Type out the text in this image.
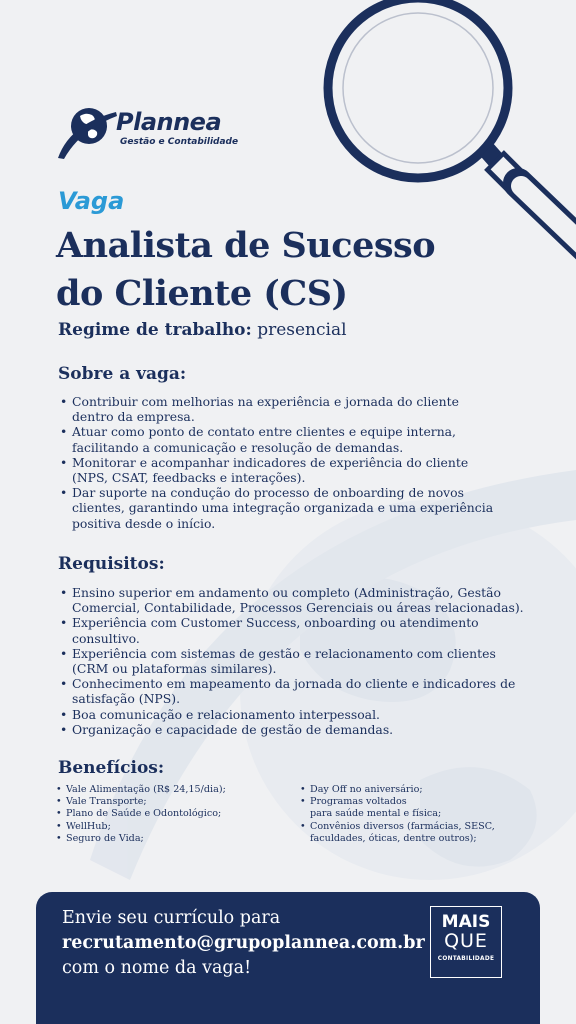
Plannea
Gestão e Contabilidade
Vaga
Analista de Sucesso
do Cliente (CS)
Regime de trabalho: presencial
Sobre a vaga:
• Contribuir com melhorias na experiência e jornada do cliente
dentro da empresa.
• Atuar como ponto de contato entre clientes e equipe interna,
facilitando a comunicação e resolução de demandas.
• Monitorar e acompanhar indicadores de experiência do cliente
(NPS, CSAT, feedbacks e interações).
• Dar suporte na condução do processo de onboarding de novos
clientes, garantindo uma integração organizada e uma experiência
positiva desde o início.
Requisitos:
• Ensino superior em andamento ou completo (Administração, Gestão
Comercial, Contabilidade, Processos Gerenciais ou áreas relacionadas).
• Experiência com Customer Success, onboarding ou atendimento
consultivo.
• Experiência com sistemas de gestão e relacionamento com clientes
(CRM ou plataformas similares).
• Conhecimento em mapeamento da jornada do cliente e indicadores de
satisfação (NPS).
• Boa comunicação e relacionamento interpessoal.
• Organização e capacidade de gestão de demandas.
Benefícios:
• Vale Alimentação (R$ 24,15/dia);
• Vale Transporte;
• Plano de Saúde e Odontológico;
• WellHub;
• Seguro de Vida;
• Day Off no aniversário;
• Programas voltados
para saúde mental e física;
• Convênios diversos (farmácias, SESC,
faculdades, óticas, dentre outros);
Envie seu currículo para
recrutamento@grupoplannea.com.br
com o nome da vaga!
MAIS
QUE
CONTABILIDADE
